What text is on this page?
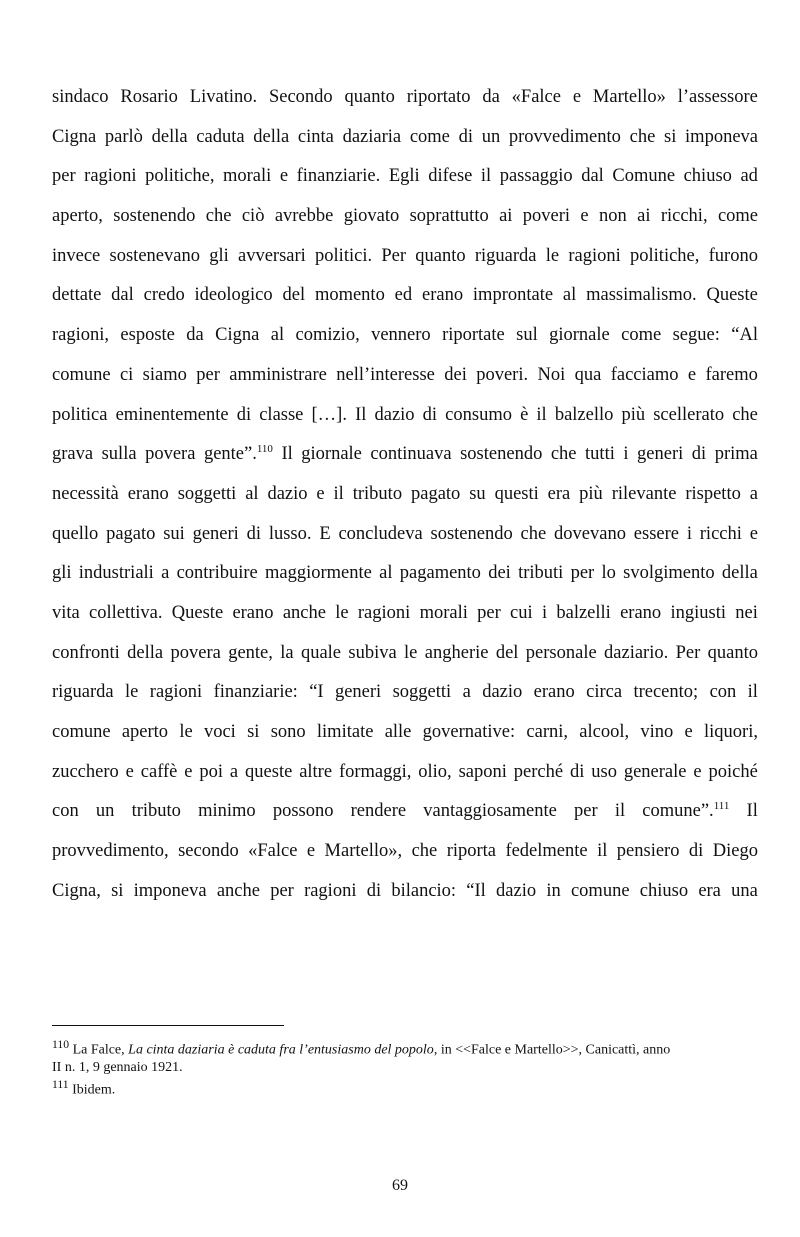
sindaco Rosario Livatino. Secondo quanto riportato da «Falce e Martello» l’assessore
Cigna parlò della caduta della cinta daziaria come di un provvedimento che si imponeva
per ragioni politiche, morali e finanziarie. Egli difese il passaggio dal Comune chiuso ad
aperto, sostenendo che ciò avrebbe giovato soprattutto ai poveri e non ai ricchi, come
invece sostenevano gli avversari politici. Per quanto riguarda le ragioni politiche, furono
dettate dal credo ideologico del momento ed erano improntate al massimalismo. Queste
ragioni, esposte da Cigna al comizio, vennero riportate sul giornale come segue: “Al
comune ci siamo per amministrare nell’interesse dei poveri. Noi qua facciamo e faremo
politica eminentemente di classe […]. Il dazio di consumo è il balzello più scellerato che
grava sulla povera gente”.$^{110}$ Il giornale continuava sostenendo che tutti i generi di prima
necessità erano soggetti al dazio e il tributo pagato su questi era più rilevante rispetto a
quello pagato sui generi di lusso. E concludeva sostenendo che dovevano essere i ricchi e
gli industriali a contribuire maggiormente al pagamento dei tributi per lo svolgimento della
vita collettiva. Queste erano anche le ragioni morali per cui i balzelli erano ingiusti nei
confronti della povera gente, la quale subiva le angherie del personale daziario. Per quanto
riguarda le ragioni finanziarie: “I generi soggetti a dazio erano circa trecento; con il
comune aperto le voci si sono limitate alle governative: carni, alcool, vino e liquori,
zucchero e caffè e poi a queste altre formaggi, olio, saponi perché di uso generale e poiché
con un tributo minimo possono rendere vantaggiosamente per il comune”.$^{111}$ Il
provvedimento, secondo «Falce e Martello», che riporta fedelmente il pensiero di Diego
Cigna, si imponeva anche per ragioni di bilancio: “Il dazio in comune chiuso era una
$^{110}$ La Falce, La cinta daziaria è caduta fra l’entusiasmo del popolo, in <<Falce e Martello>>, Canicattì, anno
II n. 1, 9 gennaio 1921.
$^{111}$ Ibidem.
69
